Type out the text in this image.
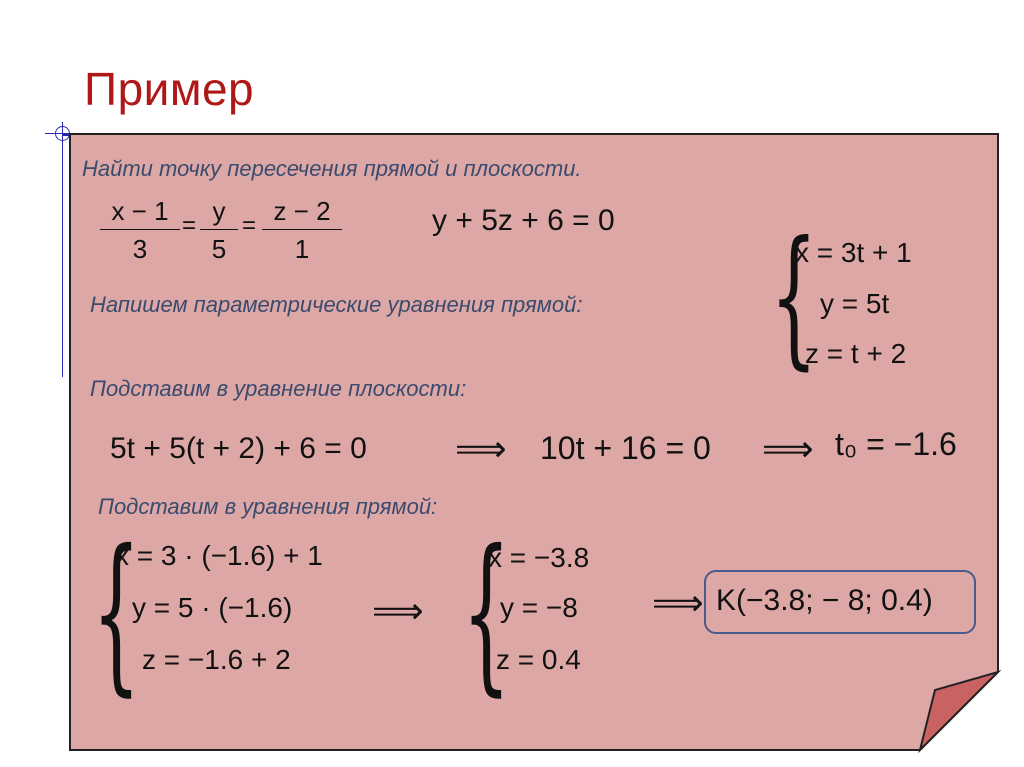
Пример
Найти точку пересечения прямой и плоскости.
$\frac{x - 1}{3} = \frac{y}{5} = \frac{z - 2}{1}$	y + 5z + 6 = 0
Напишем параметрические уравнения прямой: {
x = 3t + 1
y = 5t
z = t + 2
Подставим в уравнение плоскости:
5t + 5(t + 2) + 6 = 0 ⟹ 10t + 16 = 0 ⟹ t₀ = −1.6
Подставим в уравнения прямой:
{
x = 3 · (−1.6) + 1
y = 5 · (−1.6)
z = −1.6 + 2
⟹ {
x = −3.8
y = −8
z = 0.4
⟹ K(−3.8; − 8; 0.4)
